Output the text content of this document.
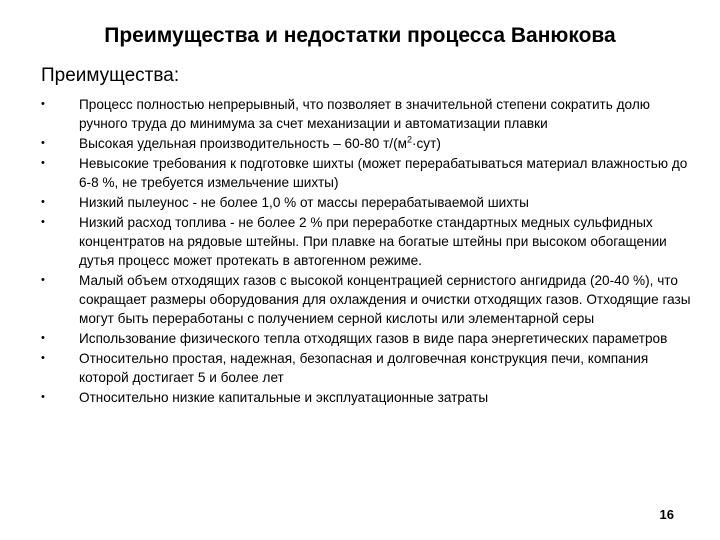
Преимущества и недостатки процесса Ванюкова
Преимущества:
•	Процесс полностью непрерывный, что позволяет в значительной степени сократить долю ручного труда до минимума за счет механизации и автоматизации плавки
•	Высокая удельная производительность – 60-80 $т/(м^2\cdot сут)$
•	Невысокие требования к подготовке шихты (может перерабатываться материал влажностью до 6-8 %, не требуется измельчение шихты)
•	Низкий пылеунос - не более 1,0 % от массы перерабатываемой шихты
•	Низкий расход топлива - не более 2 % при переработке стандартных медных сульфидных концентратов на рядовые штейны. При плавке на богатые штейны при высоком обогащении дутья процесс может протекать в автогенном режиме.
•	Малый объем отходящих газов с высокой концентрацией сернистого ангидрида (20-40 %), что сокращает размеры оборудования для охлаждения и очистки отходящих газов. Отходящие газы могут быть переработаны с получением серной кислоты или элементарной серы
•	Использование физического тепла отходящих газов в виде пара энергетических параметров
•	Относительно простая, надежная, безопасная и долговечная конструкция печи, компания которой достигает 5 и более лет
•	Относительно низкие капитальные и эксплуатационные затраты
16
